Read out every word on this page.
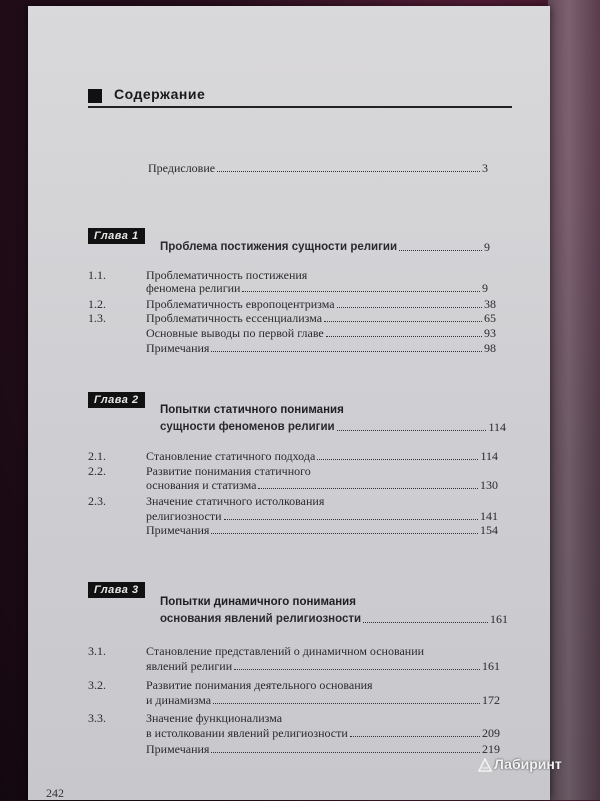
Содержание
Предисловие	3
Глава 1
Проблема постижения сущности религии	9
1.1.	Проблематичность постижения
феномена религии	9
1.2.	Проблематичность европоцентризма	38
1.3.	Проблематичность ессенциализма	65
Основные выводы по первой главе	93
Примечания	98
Глава 2
Попытки статичного понимания
сущности феноменов религии	114
2.1.	Становление статичного подхода	114
2.2.	Развитие понимания статичного
основания и статизма	130
2.3.	Значение статичного истолкования
религиозности	141
Примечания	154
Глава 3
Попытки динамичного понимания
основания явлений религиозности	161
3.1.	Становление представлений о динамичном основании
явлений религии	161
3.2.	Развитие понимания деятельного основания
и динамизма	172
3.3.	Значение функционализма
в истолковании явлений религиозности	209
Примечания	219
242
Лабиринт
